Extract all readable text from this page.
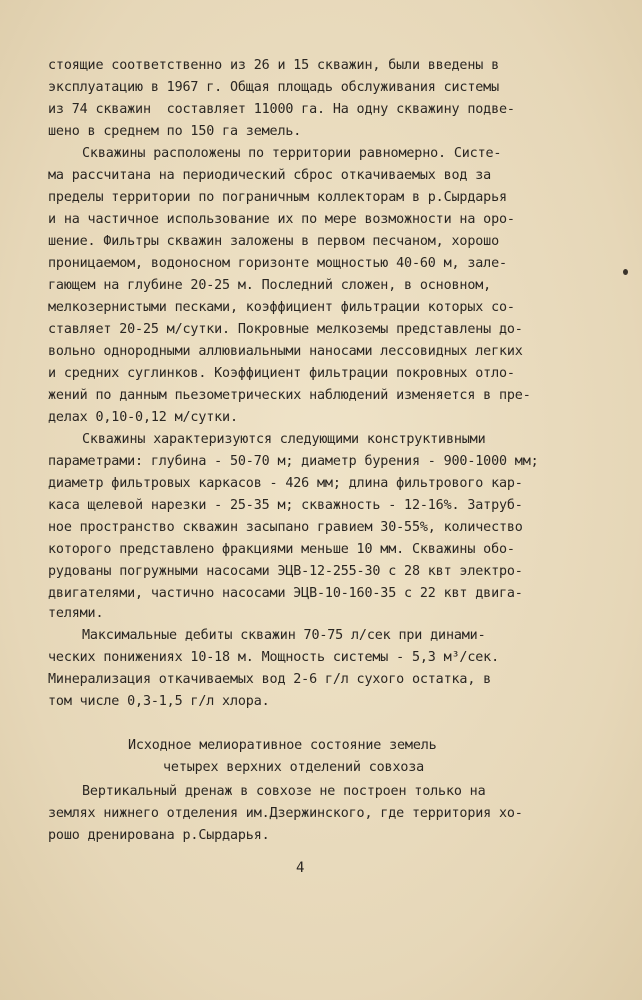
стоящие соответственно из 26 и 15 скважин, были введены в
эксплуатацию в 1967 г. Общая площадь обслуживания системы
из 74 скважин  составляет 11000 га. На одну скважину подве-
шено в среднем по 150 га земель.
Скважины расположены по территории равномерно. Систе-
ма рассчитана на периодический сброс откачиваемых вод за
пределы территории по пограничным коллекторам в р.Сырдарья
и на частичное использование их по мере возможности на оро-
шение. Фильтры скважин заложены в первом песчаном, хорошо
проницаемом, водоносном горизонте мощностью 40-60 м, зале-
гающем на глубине 20-25 м. Последний сложен, в основном,
мелкозернистыми песками, коэффициент фильтрации которых со-
ставляет 20-25 м/сутки. Покровные мелкоземы представлены до-
вольно однородными аллювиальными наносами лессовидных легких
и средних суглинков. Коэффициент фильтрации покровных отло-
жений по данным пьезометрических наблюдений изменяется в пре-
делах 0,10-0,12 м/сутки.
Скважины характеризуются следующими конструктивными
параметрами: глубина - 50-70 м; диаметр бурения - 900-1000 мм;
диаметр фильтровых каркасов - 426 мм; длина фильтрового кар-
каса щелевой нарезки - 25-35 м; скважность - 12-16%. Затруб-
ное пространство скважин засыпано гравием 30-55%, количество
которого представлено фракциями меньше 10 мм. Скважины обо-
рудованы погружными насосами ЭЦВ-12-255-30 с 28 квт электро-
двигателями, частично насосами ЭЦВ-10-160-35 с 22 квт двига-
телями.
Максимальные дебиты скважин 70-75 л/сек при динами-
ческих понижениях 10-18 м. Мощность системы - 5,3 м³/сек.
Минерализация откачиваемых вод 2-6 г/л сухого остатка, в
том числе 0,3-1,5 г/л хлора.
Исходное мелиоративное состояние земель
четырех верхних отделений совхоза
Вертикальный дренаж в совхозе не построен только на
землях нижнего отделения им.Дзержинского, где территория хо-
рошо дренирована р.Сырдарья.
4
